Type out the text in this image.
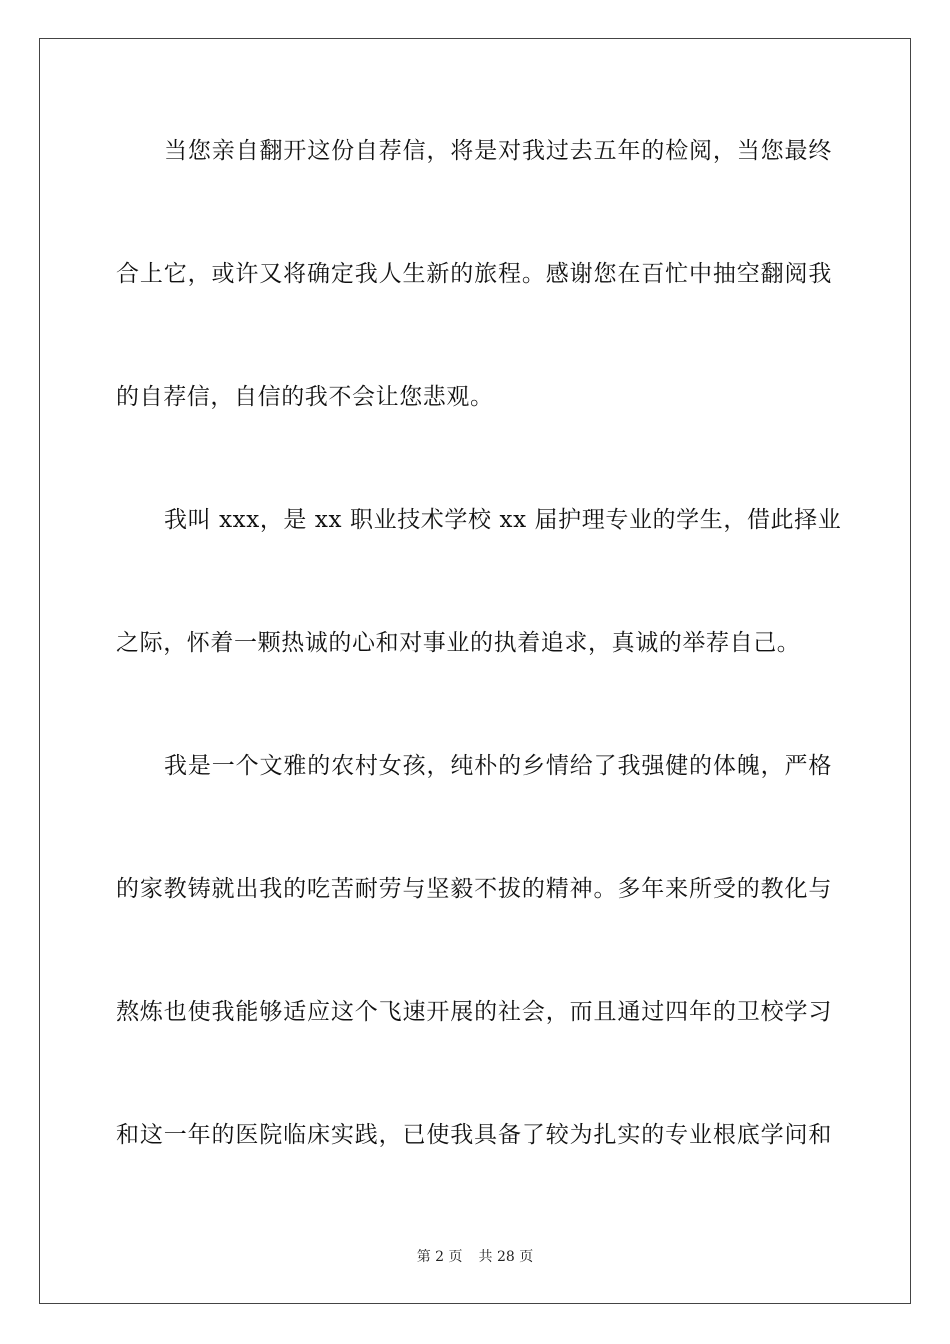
当您亲自翻开这份自荐信，将是对我过去五年的检阅，当您最终
合上它，或许又将确定我人生新的旅程。感谢您在百忙中抽空翻阅我
的自荐信，自信的我不会让您悲观。
我叫 xxx，是 xx 职业技术学校 xx 届护理专业的学生，借此择业
之际，怀着一颗热诚的心和对事业的执着追求，真诚的举荐自己。
我是一个文雅的农村女孩，纯朴的乡情给了我强健的体魄，严格
的家教铸就出我的吃苦耐劳与坚毅不拔的精神。多年来所受的教化与
熬炼也使我能够适应这个飞速开展的社会，而且通过四年的卫校学习
和这一年的医院临床实践，已使我具备了较为扎实的专业根底学问和
第 2 页 共 28 页
